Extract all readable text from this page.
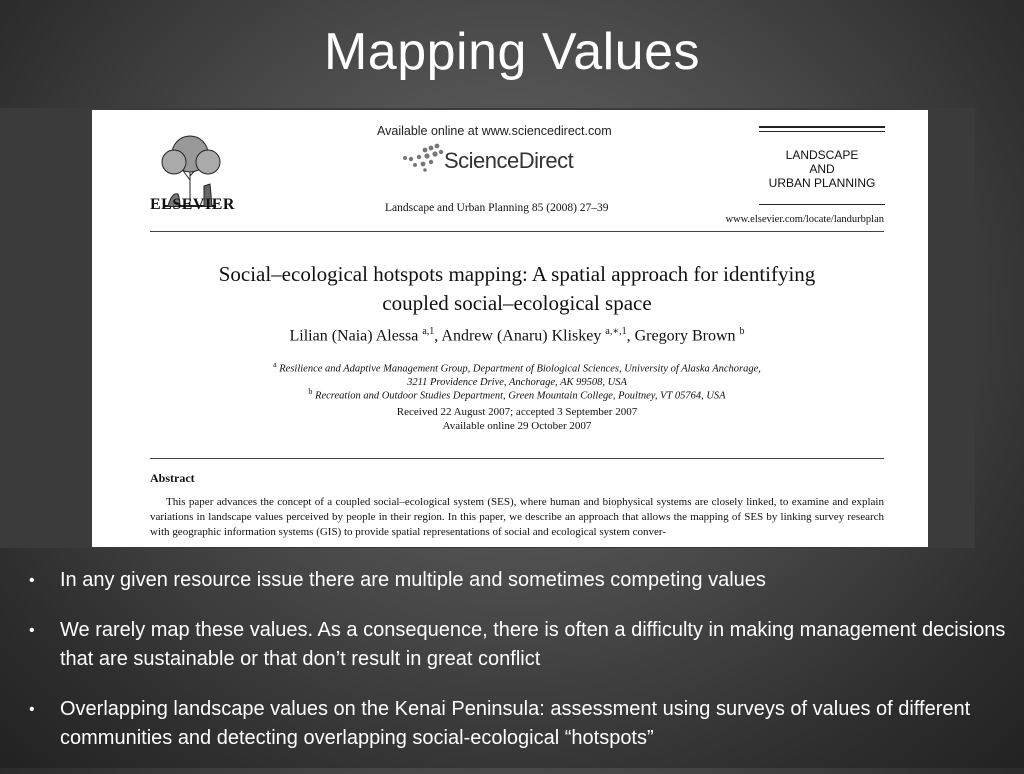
Mapping Values
ELSEVIER
Available online at www.sciencedirect.com
ScienceDirect
Landscape and Urban Planning 85 (2008) 27–39
LANDSCAPE
AND
URBAN PLANNING
www.elsevier.com/locate/landurbplan
Social–ecological hotspots mapping: A spatial approach for identifying
coupled social–ecological space
Lilian (Naia) Alessa $^{a,1}$, Andrew (Anaru) Kliskey $^{a,∗,1}$, Gregory Brown $^b$
$^a$ Resilience and Adaptive Management Group, Department of Biological Sciences, University of Alaska Anchorage,
3211 Providence Drive, Anchorage, AK 99508, USA
$^b$ Recreation and Outdoor Studies Department, Green Mountain College, Poultney, VT 05764, USA
Received 22 August 2007; accepted 3 September 2007
Available online 29 October 2007
Abstract
This paper advances the concept of a coupled social–ecological system (SES), where human and biophysical systems are closely linked, to examine and explain variations in landscape values perceived by people in their region. In this paper, we describe an approach that allows the mapping of SES by linking survey research with geographic information systems (GIS) to provide spatial representations of social and ecological system conver-
• In any given resource issue there are multiple and sometimes competing values
• We rarely map these values. As a consequence, there is often a difficulty in making management decisions that are sustainable or that don’t result in great conflict
• Overlapping landscape values on the Kenai Peninsula: assessment using surveys of values of different communities and detecting overlapping social-ecological “hotspots”
